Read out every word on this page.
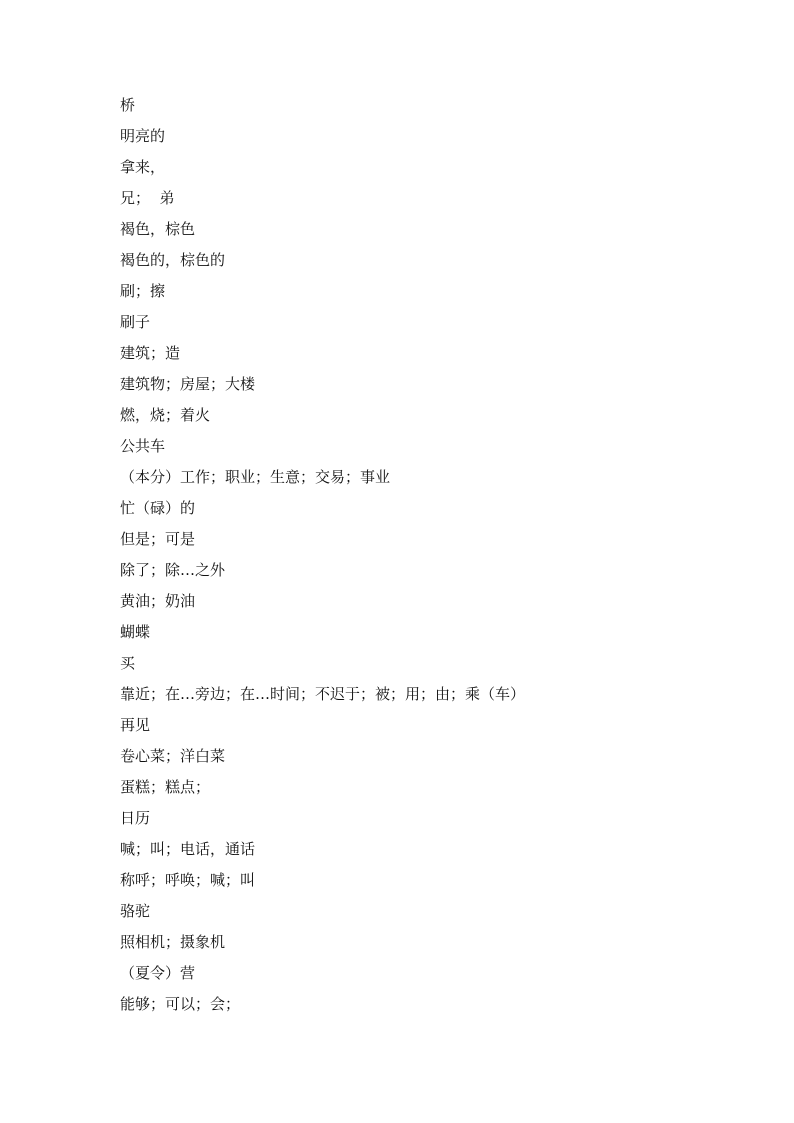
桥
明亮的
拿来，
兄；  弟
褐色，棕色
褐色的，棕色的
刷；擦
刷子
建筑；造
建筑物；房屋；大楼
燃，烧；着火
公共车
（本分）工作；职业；生意；交易；事业
忙（碌）的
但是；可是
除了；除…之外
黄油；奶油
蝴蝶
买
靠近；在…旁边；在…时间；不迟于；被；用；由；乘（车）
再见
卷心菜；洋白菜
蛋糕；糕点；
日历
喊；叫；电话，通话
称呼；呼唤；喊；叫
骆驼
照相机；摄象机
（夏令）营
能够；可以；会；
